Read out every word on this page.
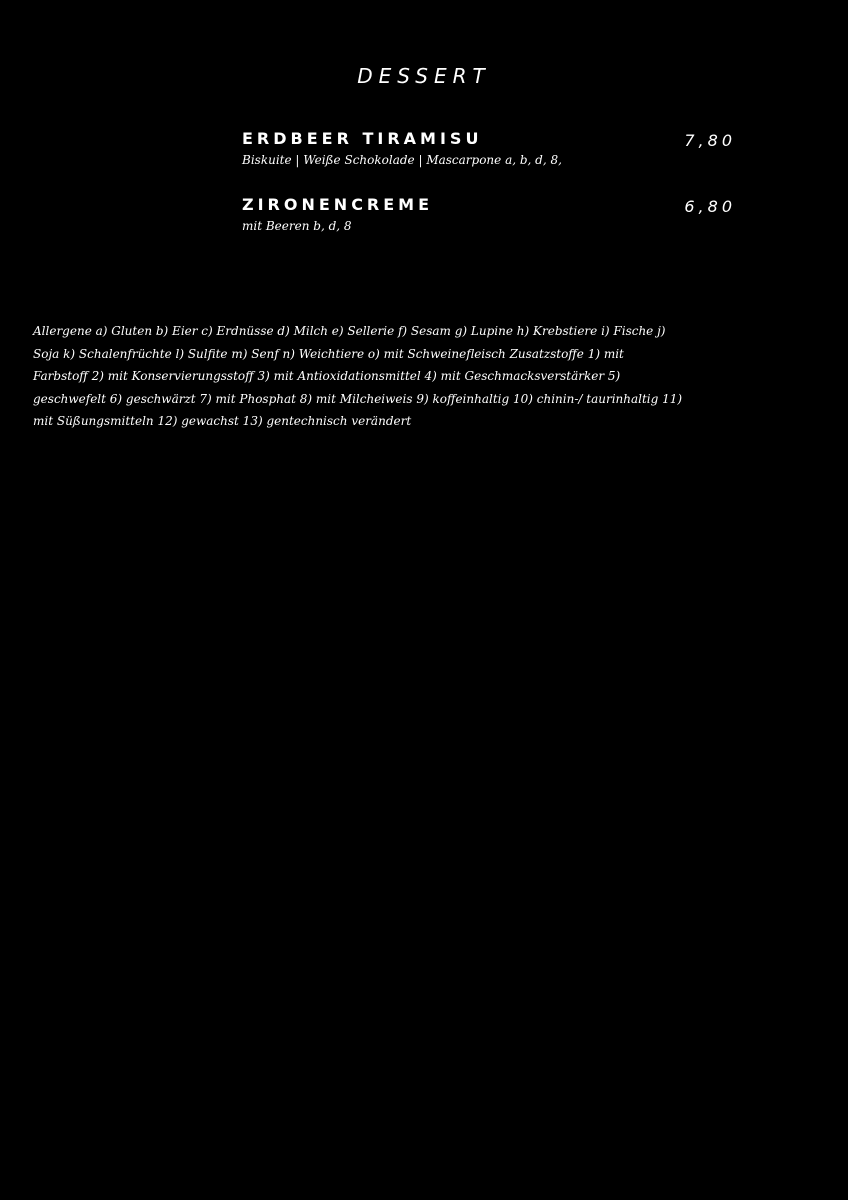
DESSERT
ERDBEER TIRAMISU	7,80
Biskuite | Weiße Schokolade | Mascarpone a, b, d, 8,
ZIRONENCREME	6,80
mit Beeren b, d, 8
Allergene a) Gluten b) Eier c) Erdnüsse d) Milch e) Sellerie f) Sesam g) Lupine h) Krebstiere i) Fische j)
Soja k) Schalenfrüchte l) Sulfite m) Senf n) Weichtiere o) mit Schweinefleisch Zusatzstoffe 1) mit
Farbstoff 2) mit Konservierungsstoff 3) mit Antioxidationsmittel 4) mit Geschmacksverstärker 5)
geschwefelt 6) geschwärzt 7) mit Phosphat 8) mit Milcheiweis 9) koffeinhaltig 10) chinin-/ taurinhaltig 11)
mit Süßungsmitteln 12) gewachst 13) gentechnisch verändert
